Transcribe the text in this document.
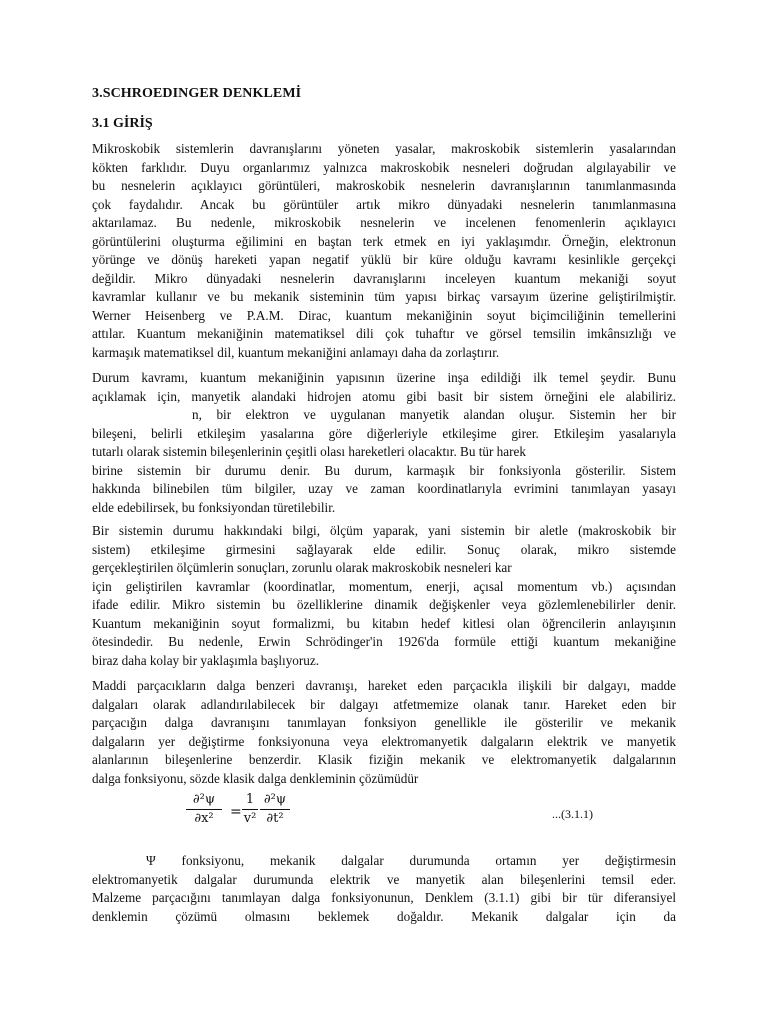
3.SCHROEDINGER DENKLEMİ
3.1 GİRİŞ
Mikroskobik sistemlerin davranışlarını yöneten yasalar, makroskobik sistemlerin yasalarından
kökten farklıdır. Duyu organlarımız yalnızca makroskobik nesneleri doğrudan algılayabilir ve
bu nesnelerin açıklayıcı görüntüleri, makroskobik nesnelerin davranışlarının tanımlanmasında
çok faydalıdır. Ancak bu görüntüler artık mikro dünyadaki nesnelerin tanımlanmasına
aktarılamaz. Bu nedenle, mikroskobik nesnelerin ve incelenen fenomenlerin açıklayıcı
görüntülerini oluşturma eğilimini en baştan terk etmek en iyi yaklaşımdır. Örneğin, elektronun
yörünge ve dönüş hareketi yapan negatif yüklü bir küre olduğu kavramı kesinlikle gerçekçi
değildir. Mikro dünyadaki nesnelerin davranışlarını inceleyen kuantum mekaniği soyut
kavramlar kullanır ve bu mekanik sisteminin tüm yapısı birkaç varsayım üzerine geliştirilmiştir.
Werner Heisenberg ve P.A.M. Dirac, kuantum mekaniğinin soyut biçimciliğinin temellerini
attılar. Kuantum mekaniğinin matematiksel dili çok tuhaftır ve görsel temsilin imkânsızlığı ve
karmaşık matematiksel dil, kuantum mekaniğini anlamayı daha da zorlaştırır.
Durum kavramı, kuantum mekaniğinin yapısının üzerine inşa edildiği ilk temel şeydir. Bunu
açıklamak için, manyetik alandaki hidrojen atomu gibi basit bir sistem örneğini ele alabiliriz.
n, bir elektron ve uygulanan manyetik alandan oluşur. Sistemin her bir
bileşeni, belirli etkileşim yasalarına göre diğerleriyle etkileşime girer. Etkileşim yasalarıyla
tutarlı olarak sistemin bileşenlerinin çeşitli olası hareketleri olacaktır. Bu tür harek
birine sistemin bir durumu denir. Bu durum, karmaşık bir fonksiyonla gösterilir. Sistem
hakkında bilinebilen tüm bilgiler, uzay ve zaman koordinatlarıyla evrimini tanımlayan yasayı
elde edebilirsek, bu fonksiyondan türetilebilir.
Bir sistemin durumu hakkındaki bilgi, ölçüm yaparak, yani sistemin bir aletle (makroskobik bir
sistem) etkileşime girmesini sağlayarak elde edilir. Sonuç olarak, mikro sistemde
gerçekleştirilen ölçümlerin sonuçları, zorunlu olarak makroskobik nesneleri kar
için geliştirilen kavramlar (koordinatlar, momentum, enerji, açısal momentum vb.) açısından
ifade edilir. Mikro sistemin bu özelliklerine dinamik değişkenler veya gözlemlenebilirler denir.
Kuantum mekaniğinin soyut formalizmi, bu kitabın hedef kitlesi olan öğrencilerin anlayışının
ötesindedir. Bu nedenle, Erwin Schrödinger'in 1926'da formüle ettiği kuantum mekaniğine
biraz daha kolay bir yaklaşımla başlıyoruz.
Maddi parçacıkların dalga benzeri davranışı, hareket eden parçacıkla ilişkili bir dalgayı, madde
dalgaları olarak adlandırılabilecek bir dalgayı atfetmemize olanak tanır. Hareket eden bir
parçacığın dalga davranışını tanımlayan fonksiyon genellikle ile gösterilir ve mekanik
dalgaların yer değiştirme fonksiyonuna veya elektromanyetik dalgaların elektrik ve manyetik
alanlarının bileşenlerine benzerdir. Klasik fiziğin mekanik ve elektromanyetik dalgalarının
dalga fonksiyonu, sözde klasik dalga denkleminin çözümüdür
∂²ψ
∂x²	=
1
v²
∂²ψ
∂t²	...(3.1.1)
Ψ fonksiyonu, mekanik dalgalar durumunda ortamın yer değiştirmesin
elektromanyetik dalgalar durumunda elektrik ve manyetik alan bileşenlerini temsil eder.
Malzeme parçacığını tanımlayan dalga fonksiyonunun, Denklem (3.1.1) gibi bir tür diferansiyel
denklemin çözümü olmasını beklemek doğaldır. Mekanik dalgalar için da
